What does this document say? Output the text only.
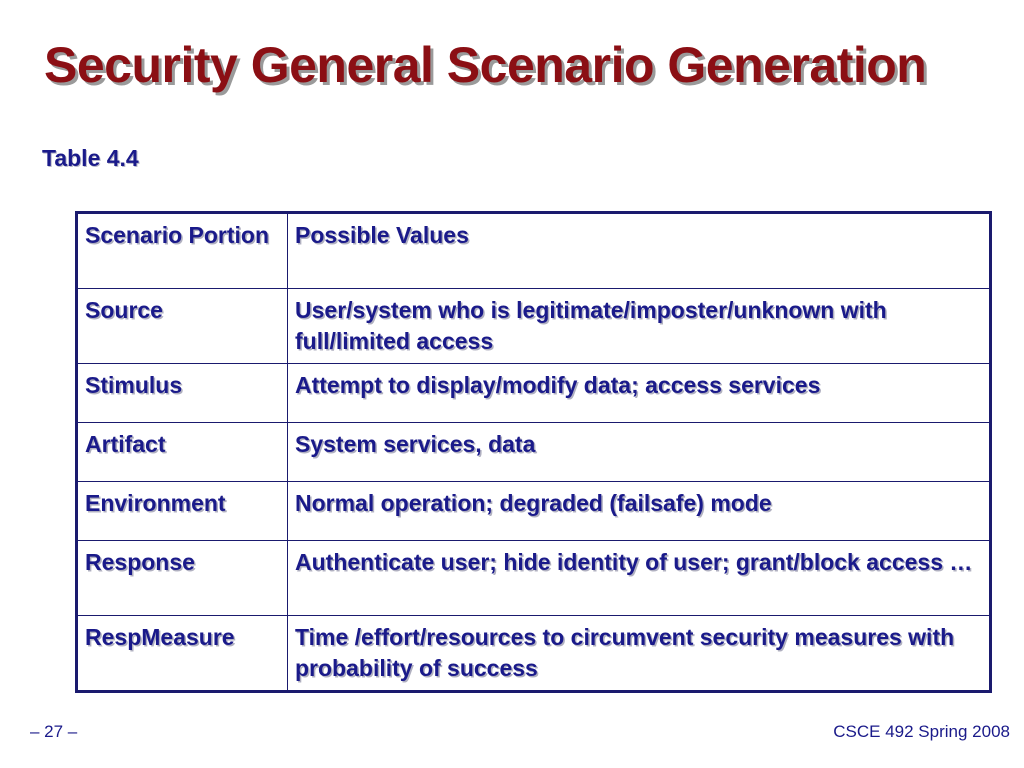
Security General Scenario Generation
Table 4.4
Scenario Portion	Possible Values
Source	User/system who is legitimate/imposter/unknown with full/limited access
Stimulus	Attempt to display/modify data; access services
Artifact	System services, data
Environment	Normal operation; degraded (failsafe) mode
Response	Authenticate user; hide identity of user; grant/block access …
RespMeasure	Time /effort/resources to circumvent security measures with probability of success
– 27 –	CSCE 492 Spring 2008
